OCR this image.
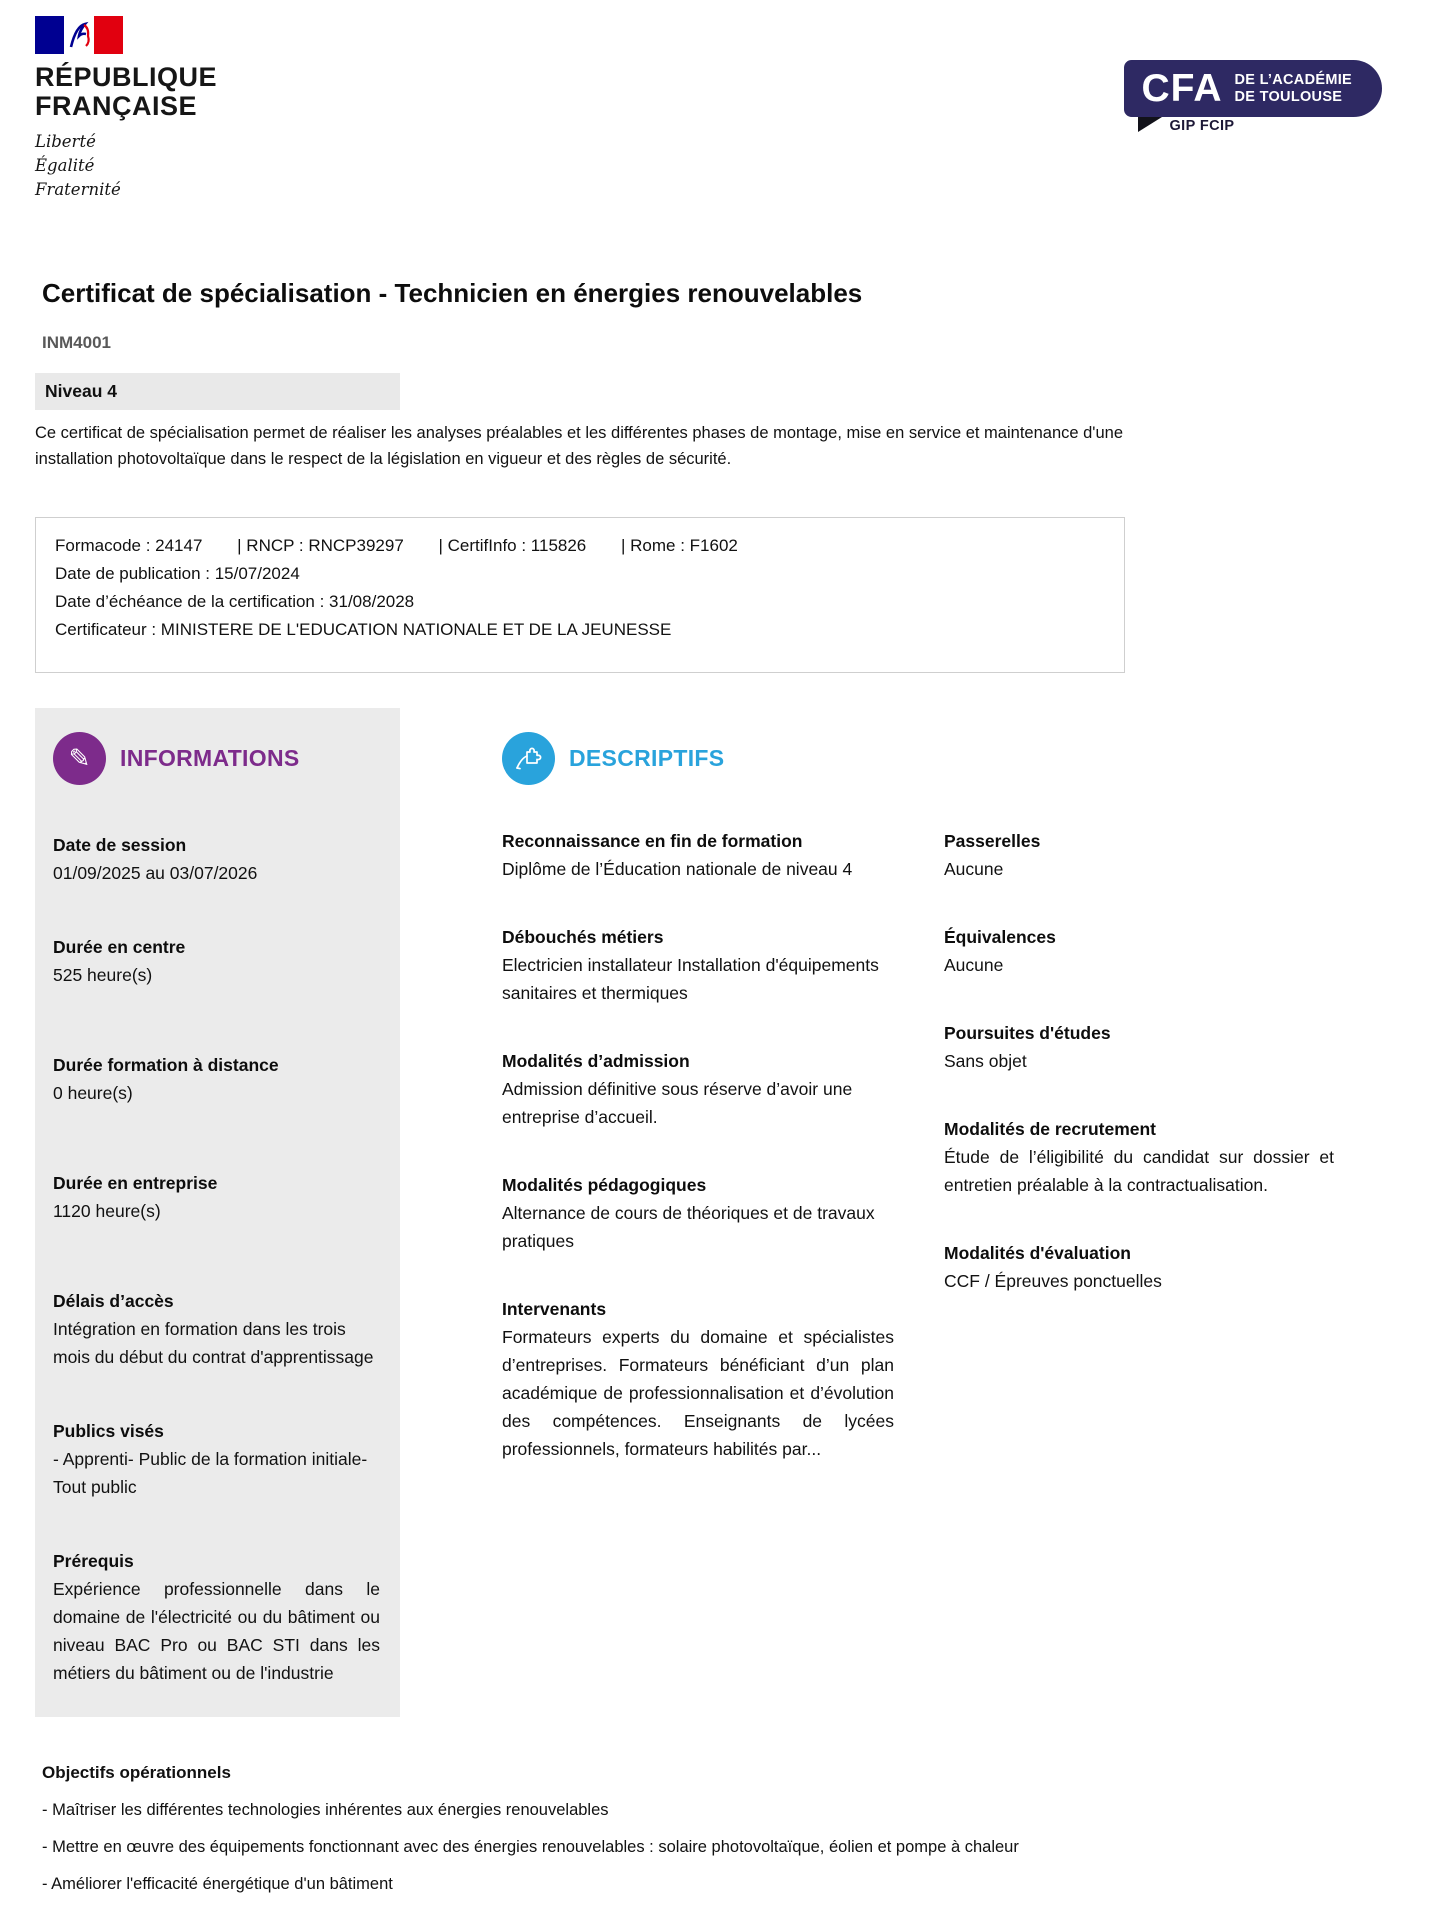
RÉPUBLIQUE
FRANÇAISE
Liberté
Égalité
Fraternité
CFA DE L’ACADÉMIE
DE TOULOUSE
GIP FCIP
Certificat de spécialisation - Technicien en énergies renouvelables
INM4001
Niveau 4

Ce certificat de spécialisation permet de réaliser les analyses préalables et les différentes phases de montage, mise en service et maintenance d'une installation photovoltaïque dans le respect de la législation en vigueur et des règles de sécurité.

Formacode : 24147 | RNCP : RNCP39297 | CertifInfo : 115826 | Rome : F1602
Date de publication : 15/07/2024
Date d’échéance de la certification : 31/08/2028
Certificateur : MINISTERE DE L'EDUCATION NATIONALE ET DE LA JEUNESSE
✎ INFORMATIONS
Date de session
01/09/2025 au 03/07/2026
Durée en centre
525 heure(s)
Durée formation à distance
0 heure(s)
Durée en entreprise
1120 heure(s)
Délais d’accès
Intégration en formation dans les trois mois du début du contrat d'apprentissage
Publics visés
- Apprenti- Public de la formation initiale- Tout public
Prérequis
Expérience professionnelle dans le domaine de l'électricité ou du bâtiment ou niveau BAC Pro ou BAC STI dans les métiers du bâtiment ou de l'industrie
DESCRIPTIFS
Reconnaissance en fin de formation
Diplôme de l’Éducation nationale de niveau 4
Débouchés métiers
Electricien installateur Installation d'équipements sanitaires et thermiques
Modalités d’admission
Admission définitive sous réserve d’avoir une entreprise d’accueil.
Modalités pédagogiques
Alternance de cours de théoriques et de travaux pratiques
Intervenants
Formateurs experts du domaine et spécialistes d’entreprises. Formateurs bénéficiant d’un plan académique de professionnalisation et d’évolution des compétences. Enseignants de lycées professionnels, formateurs habilités par...
Passerelles
Aucune
Équivalences
Aucune
Poursuites d'études
Sans objet
Modalités de recrutement
Étude de l’éligibilité du candidat sur dossier et entretien préalable à la contractualisation.
Modalités d'évaluation
CCF / Épreuves ponctuelles
Objectifs opérationnels
- Maîtriser les différentes technologies inhérentes aux énergies renouvelables
- Mettre en œuvre des équipements fonctionnant avec des énergies renouvelables : solaire photovoltaïque, éolien et pompe à chaleur
- Améliorer l'efficacité énergétique d'un bâtiment
